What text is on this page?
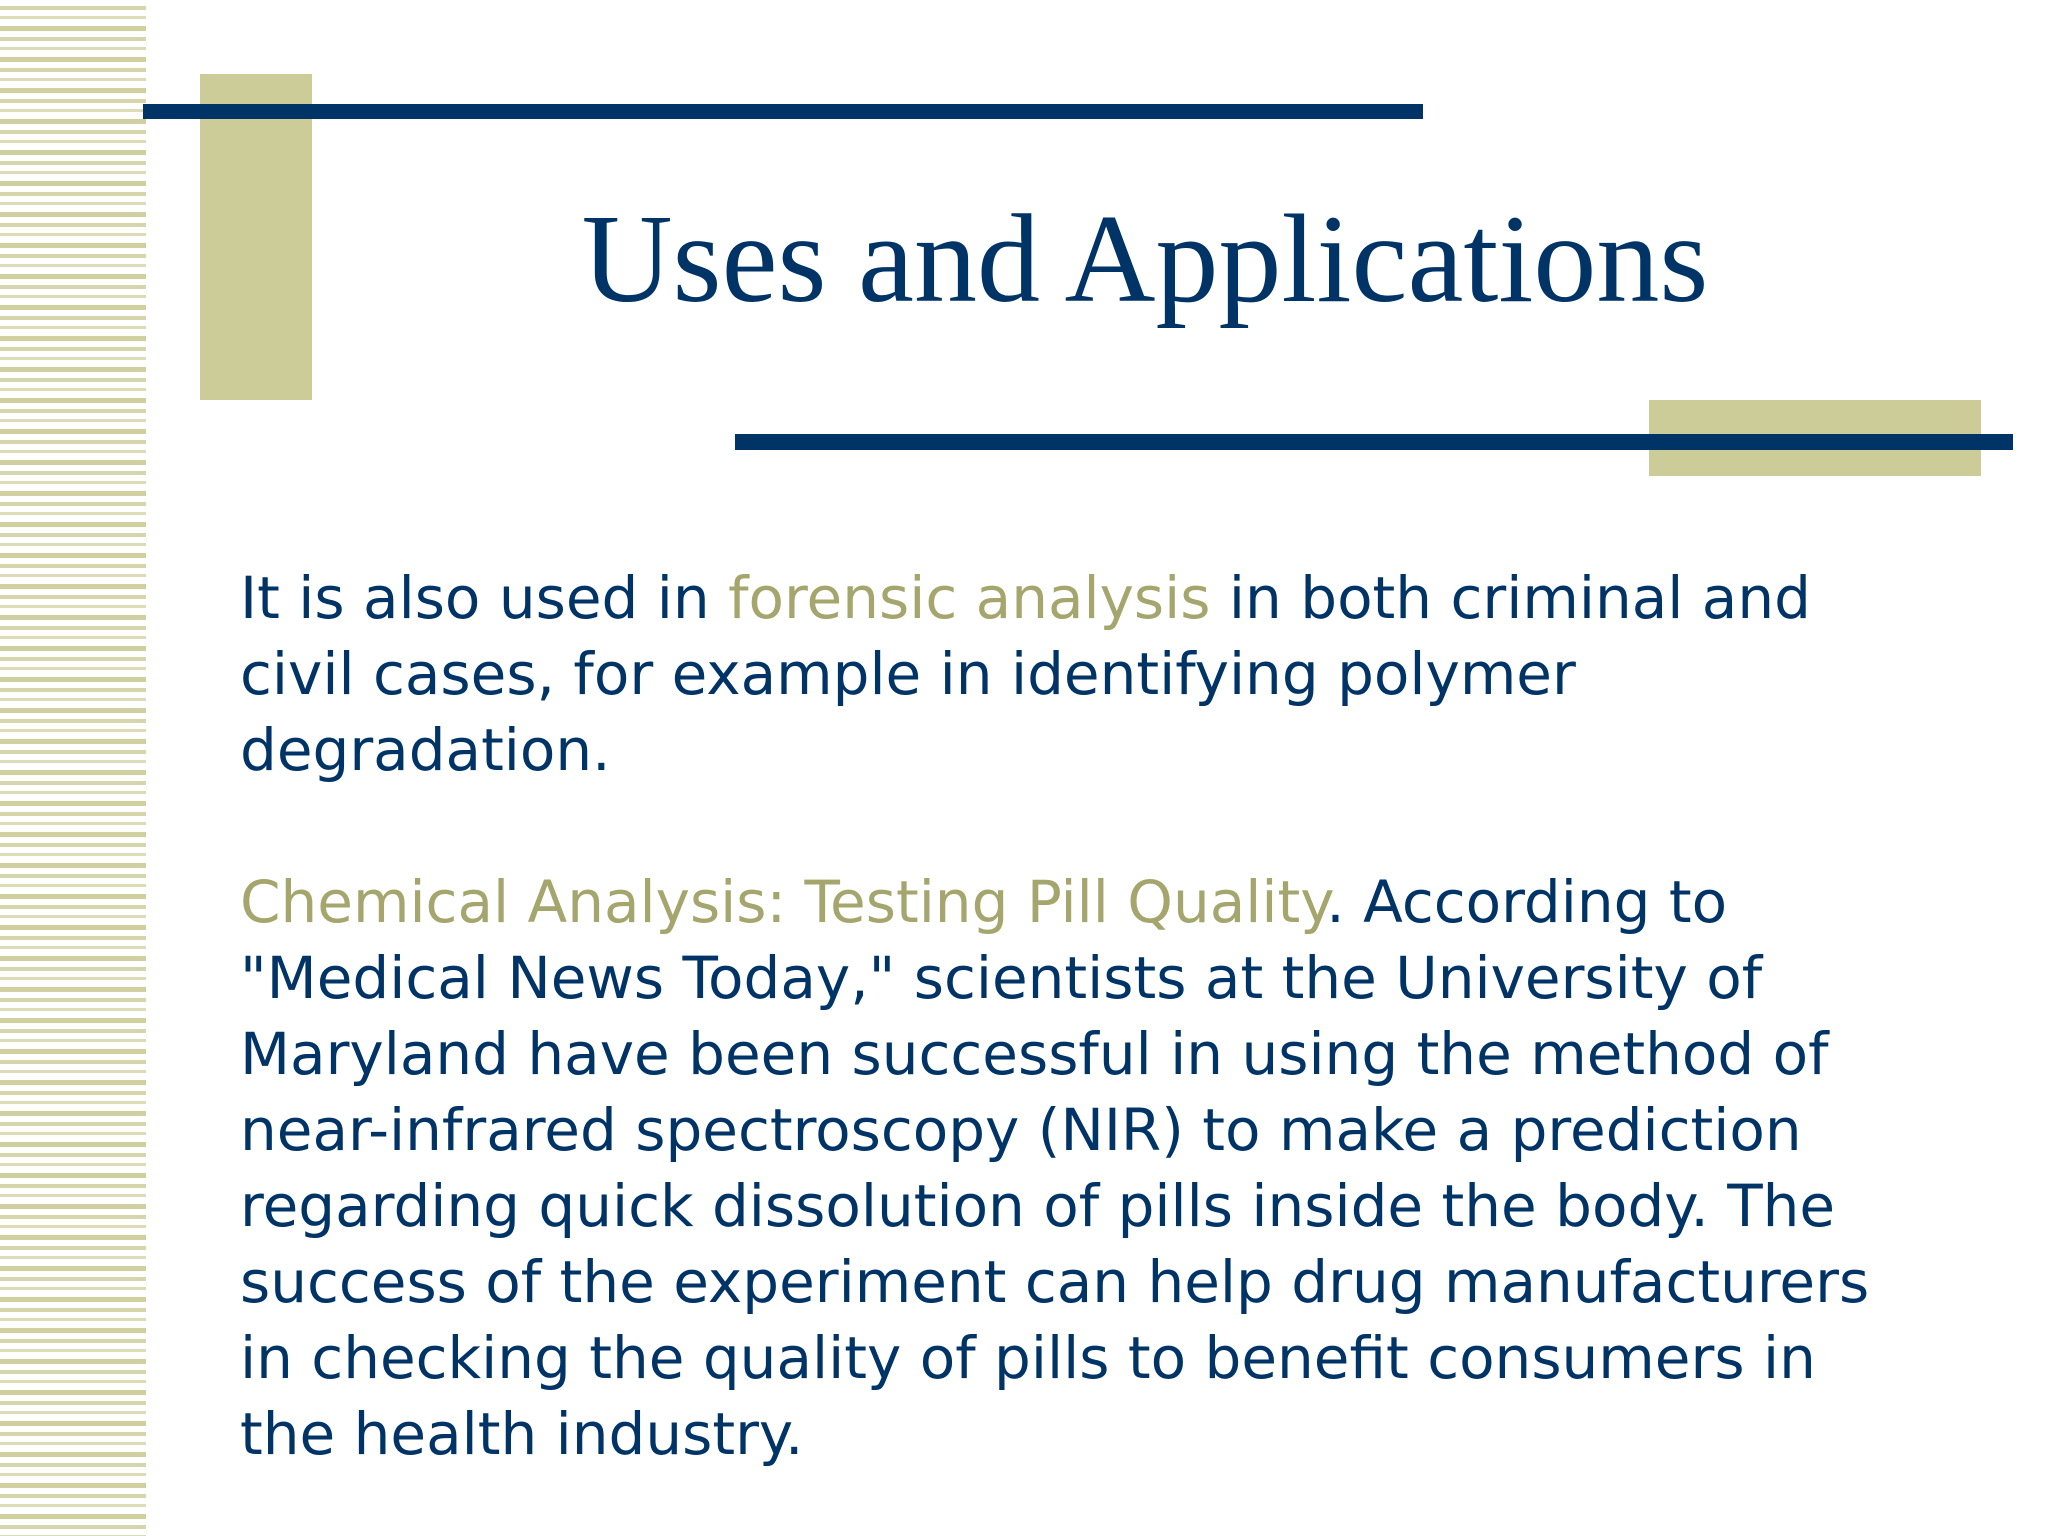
Uses and Applications

It is also used in forensic analysis in both criminal and civil cases, for example in identifying polymer degradation.

Chemical Analysis: Testing Pill Quality. According to "Medical News Today," scientists at the University of Maryland have been successful in using the method of near-infrared spectroscopy (NIR) to make a prediction regarding quick dissolution of pills inside the body. The success of the experiment can help drug manufacturers in checking the quality of pills to benefit consumers in the health industry.
